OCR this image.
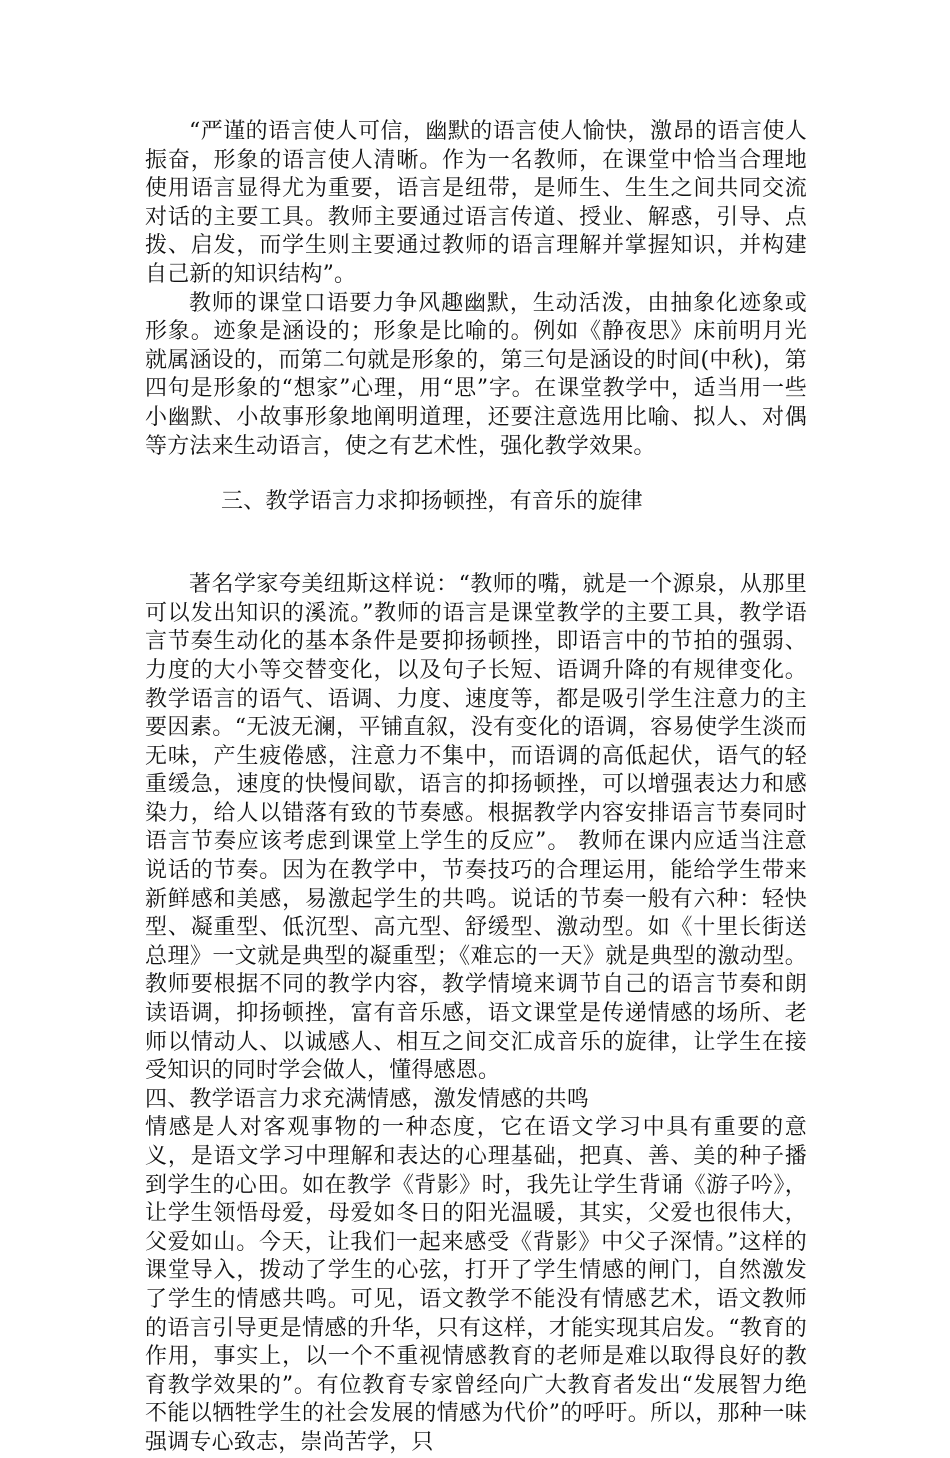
“严谨的语言使人可信，幽默的语言使人愉快，激昂的语言使人振奋，形象的语言使人清晰。作为一名教师，在课堂中恰当合理地使用语言显得尤为重要，语言是纽带，是师生、生生之间共同交流对话的主要工具。教师主要通过语言传道、授业、解惑，引导、点拨、启发，而学生则主要通过教师的语言理解并掌握知识，并构建自己新的知识结构”。

教师的课堂口语要力争风趣幽默，生动活泼，由抽象化迹象或形象。迹象是涵设的；形象是比喻的。例如《静夜思》床前明月光就属涵设的，而第二句就是形象的，第三句是涵设的时间(中秋)，第四句是形象的“想家”心理，用“思”字。在课堂教学中，适当用一些小幽默、小故事形象地阐明道理，还要注意选用比喻、拟人、对偶等方法来生动语言，使之有艺术性，强化教学效果。

三、教学语言力求抑扬顿挫，有音乐的旋律

著名学家夸美纽斯这样说：“教师的嘴，就是一个源泉，从那里可以发出知识的溪流。”教师的语言是课堂教学的主要工具，教学语言节奏生动化的基本条件是要抑扬顿挫，即语言中的节拍的强弱、力度的大小等交替变化，以及句子长短、语调升降的有规律变化。教学语言的语气、语调、力度、速度等，都是吸引学生注意力的主要因素。“无波无澜，平铺直叙，没有变化的语调，容易使学生淡而无味，产生疲倦感，注意力不集中，而语调的高低起伏，语气的轻重缓急，速度的快慢间歇，语言的抑扬顿挫，可以增强表达力和感染力，给人以错落有致的节奏感。根据教学内容安排语言节奏同时语言节奏应该考虑到课堂上学生的反应”。 教师在课内应适当注意说话的节奏。因为在教学中，节奏技巧的合理运用，能给学生带来新鲜感和美感，易激起学生的共鸣。说话的节奏一般有六种：轻快型、凝重型、低沉型、高亢型、舒缓型、激动型。如《十里长街送总理》一文就是典型的凝重型；《难忘的一天》就是典型的激动型。教师要根据不同的教学内容，教学情境来调节自己的语言节奏和朗读语调，抑扬顿挫，富有音乐感，语文课堂是传递情感的场所、老师以情动人、以诚感人、相互之间交汇成音乐的旋律，让学生在接受知识的同时学会做人，懂得感恩。

四、教学语言力求充满情感，激发情感的共鸣

情感是人对客观事物的一种态度，它在语文学习中具有重要的意义，是语文学习中理解和表达的心理基础，把真、善、美的种子播到学生的心田。如在教学《背影》时，我先让学生背诵《游子吟》，让学生领悟母爱，母爱如冬日的阳光温暖，其实，父爱也很伟大，父爱如山。今天，让我们一起来感受《背影》中父子深情。”这样的课堂导入，拨动了学生的心弦，打开了学生情感的闸门，自然激发了学生的情感共鸣。可见，语文教学不能没有情感艺术，语文教师的语言引导更是情感的升华，只有这样，才能实现其启发。“教育的作用，事实上，以一个不重视情感教育的老师是难以取得良好的教育教学效果的”。有位教育专家曾经向广大教育者发出“发展智力绝不能以牺牲学生的社会发展的情感为代价”的呼吁。所以，那种一味强调专心致志，崇尚苦学，只
